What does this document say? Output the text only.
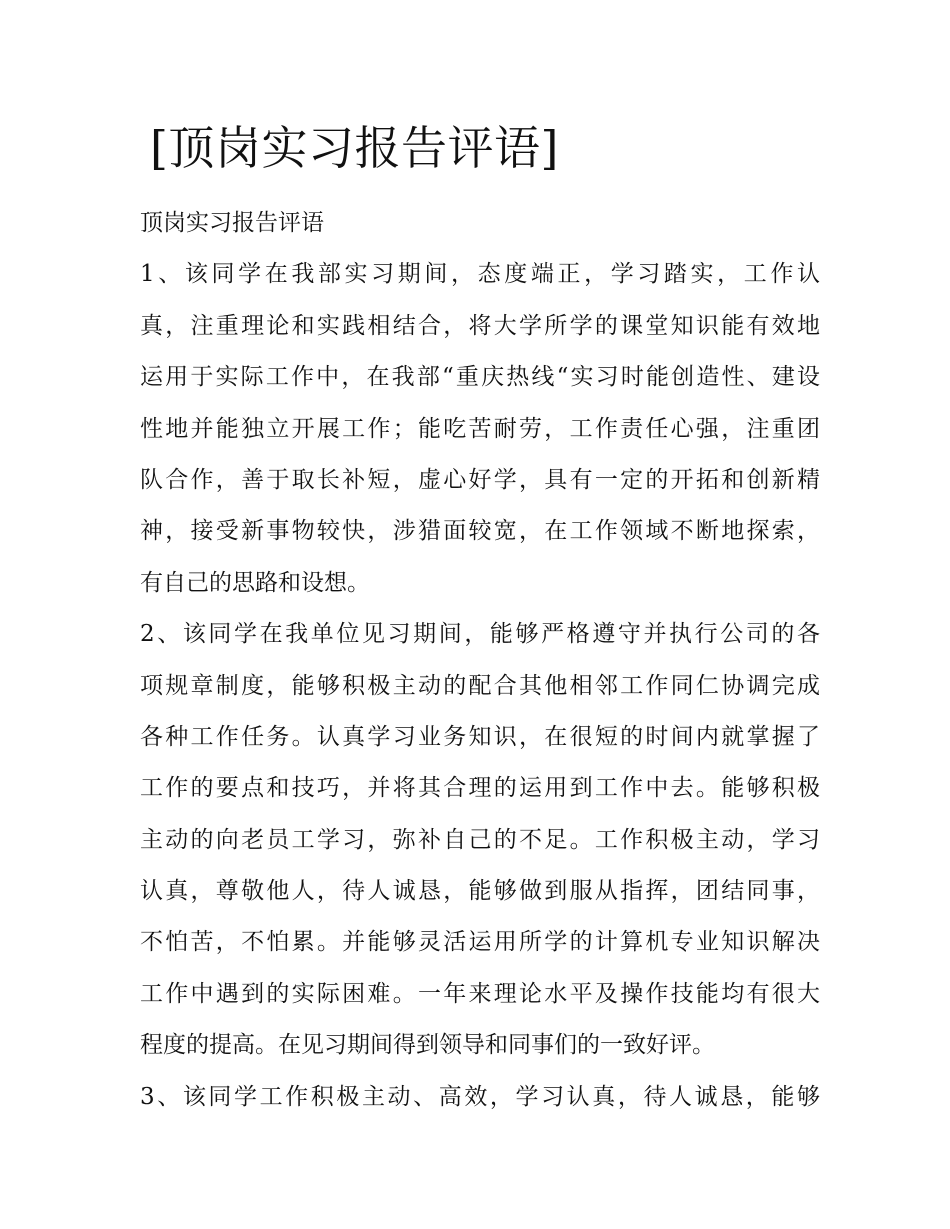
[顶岗实习报告评语]
顶岗实习报告评语
1、该同学在我部实习期间，态度端正，学习踏实，工作认
真，注重理论和实践相结合，将大学所学的课堂知识能有效地
运用于实际工作中，在我部“重庆热线“实习时能创造性、建设
性地并能独立开展工作；能吃苦耐劳，工作责任心强，注重团
队合作，善于取长补短，虚心好学，具有一定的开拓和创新精
神，接受新事物较快，涉猎面较宽，在工作领域不断地探索，
有自己的思路和设想。
2、该同学在我单位见习期间，能够严格遵守并执行公司的各
项规章制度，能够积极主动的配合其他相邻工作同仁协调完成
各种工作任务。认真学习业务知识，在很短的时间内就掌握了
工作的要点和技巧，并将其合理的运用到工作中去。能够积极
主动的向老员工学习，弥补自己的不足。工作积极主动，学习
认真，尊敬他人，待人诚恳，能够做到服从指挥，团结同事，
不怕苦，不怕累。并能够灵活运用所学的计算机专业知识解决
工作中遇到的实际困难。一年来理论水平及操作技能均有很大
程度的提高。在见习期间得到领导和同事们的一致好评。
3、该同学工作积极主动、高效，学习认真，待人诚恳，能够
